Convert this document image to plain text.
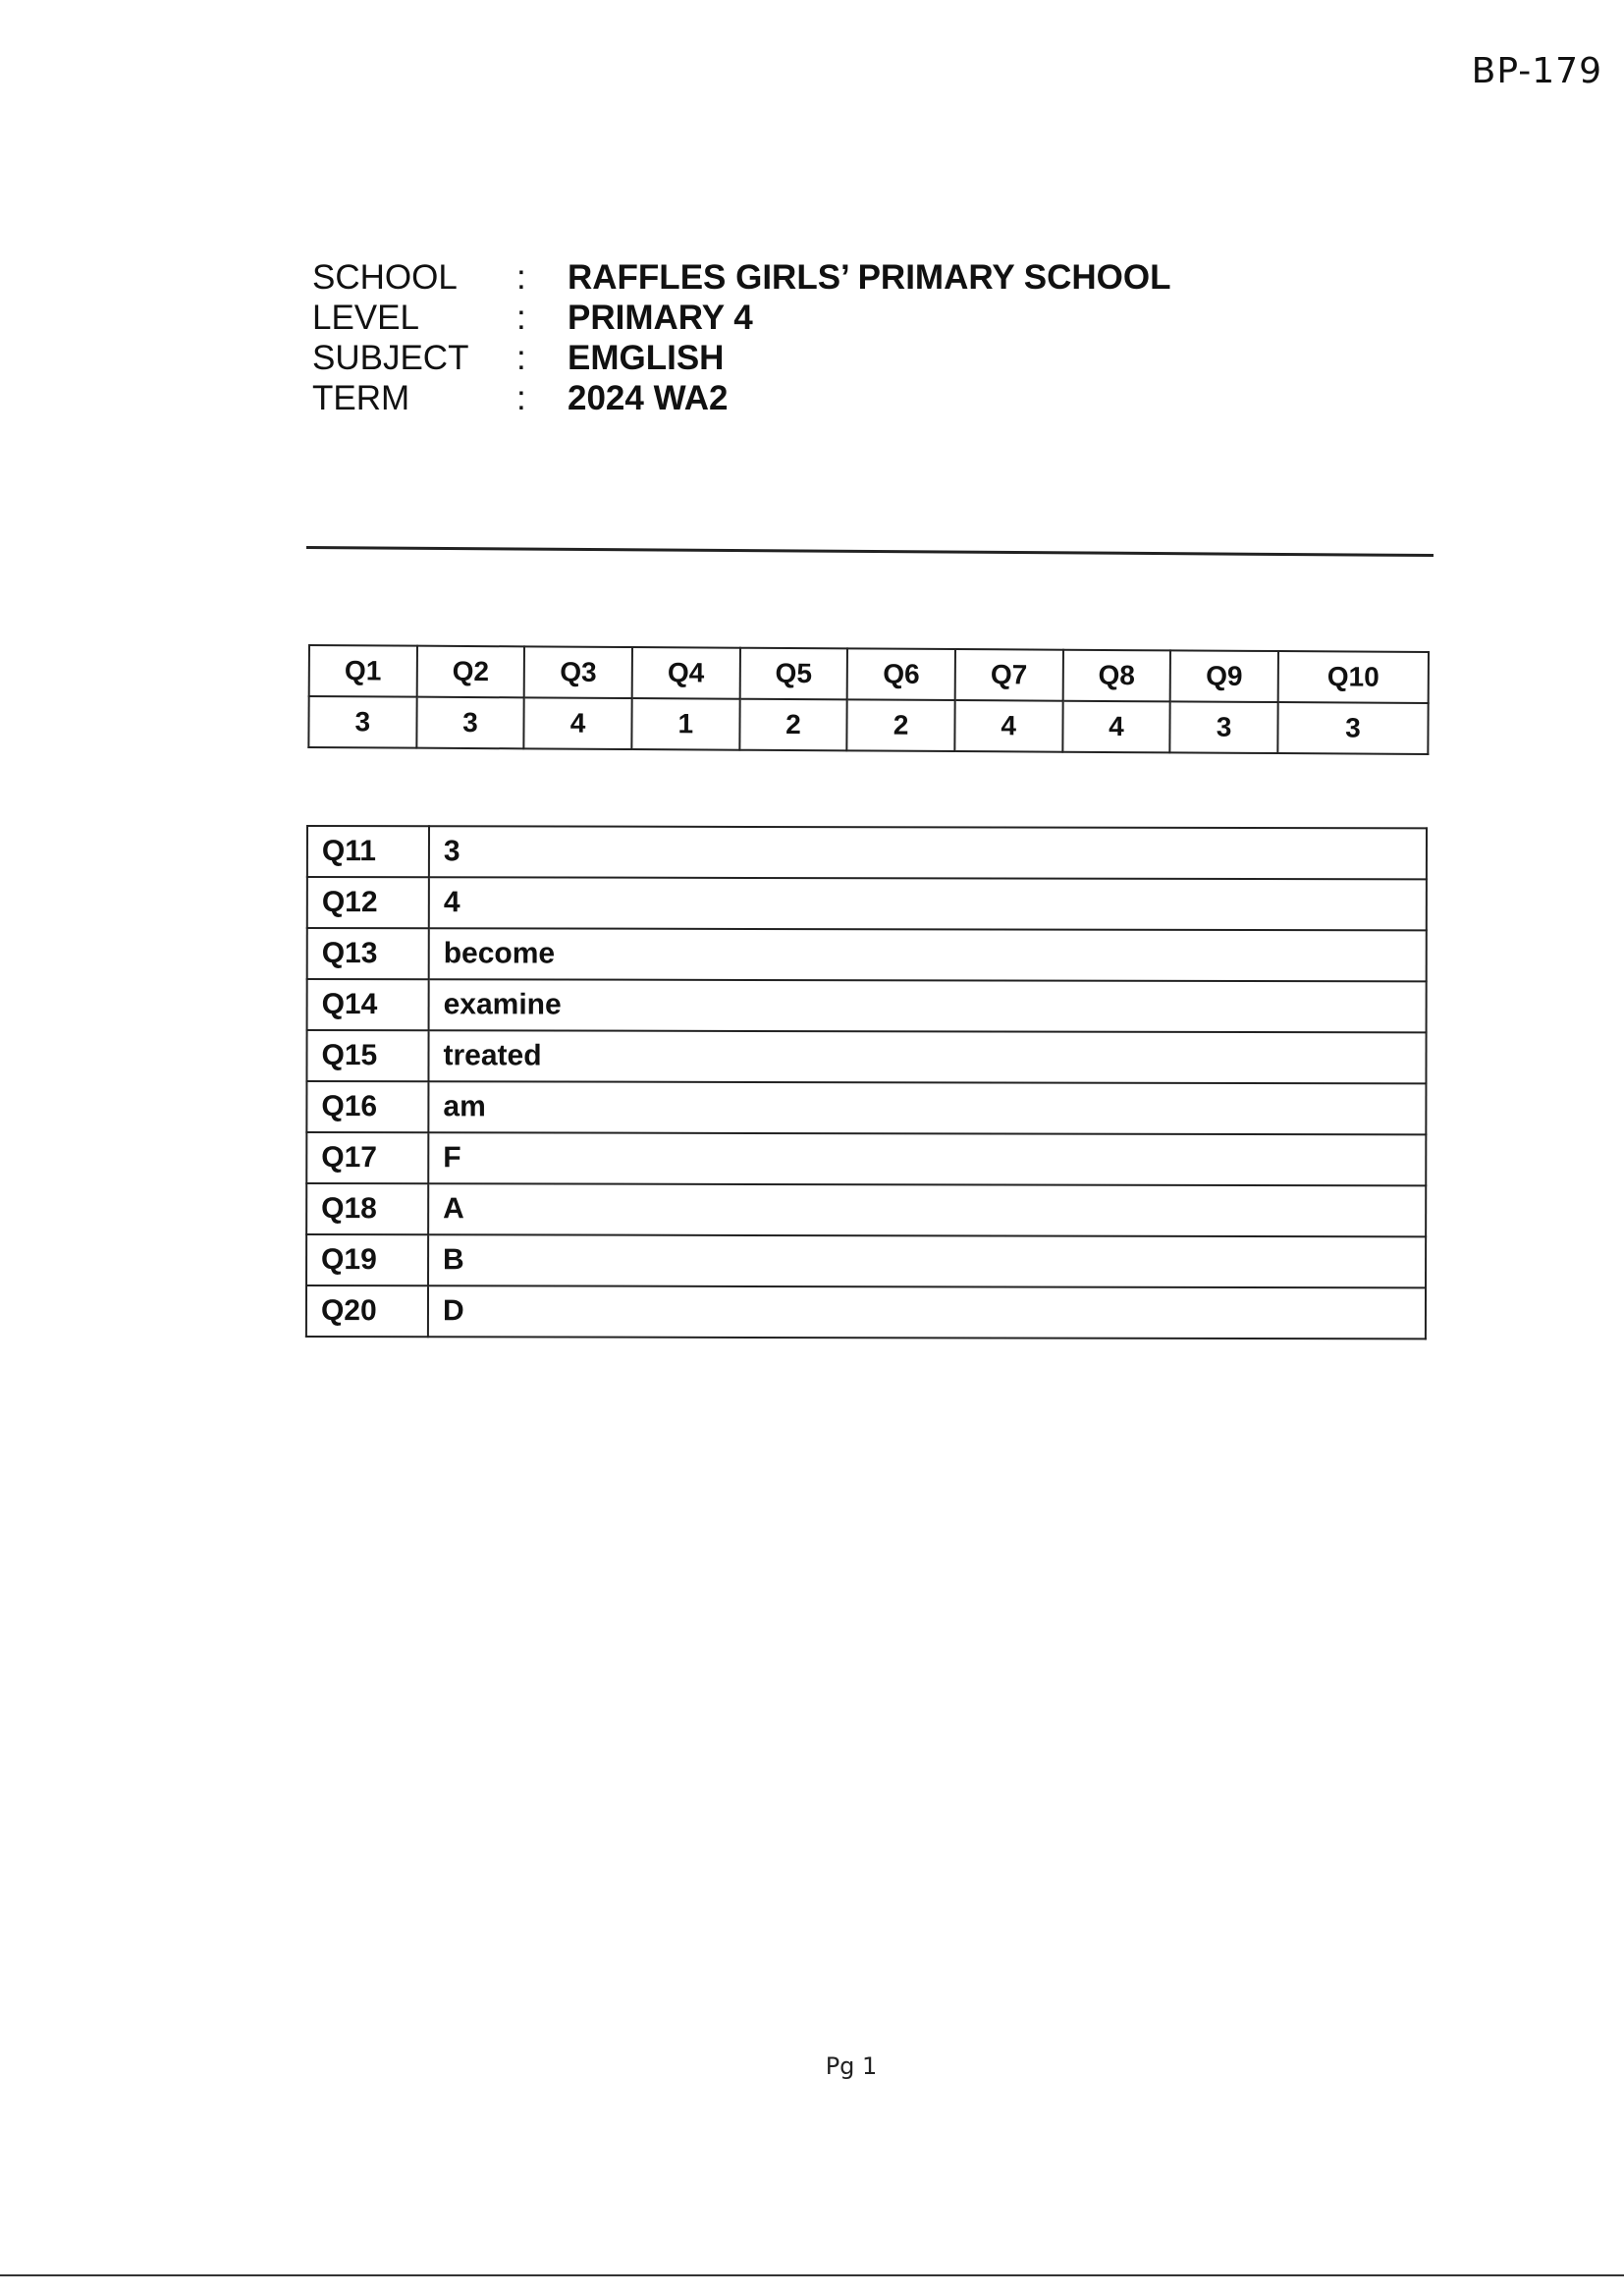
BP-179
SCHOOL	:	RAFFLES GIRLS’ PRIMARY SCHOOL
LEVEL	:	PRIMARY 4
SUBJECT	:	EMGLISH
TERM	:	2024 WA2
Q1	Q2	Q3	Q4	Q5	Q6	Q7	Q8	Q9	Q10
3	3	4	1	2	2	4	4	3	3
Q11	3
Q12	4
Q13	become
Q14	examine
Q15	treated
Q16	am
Q17	F
Q18	A
Q19	B
Q20	D
Pg 1
